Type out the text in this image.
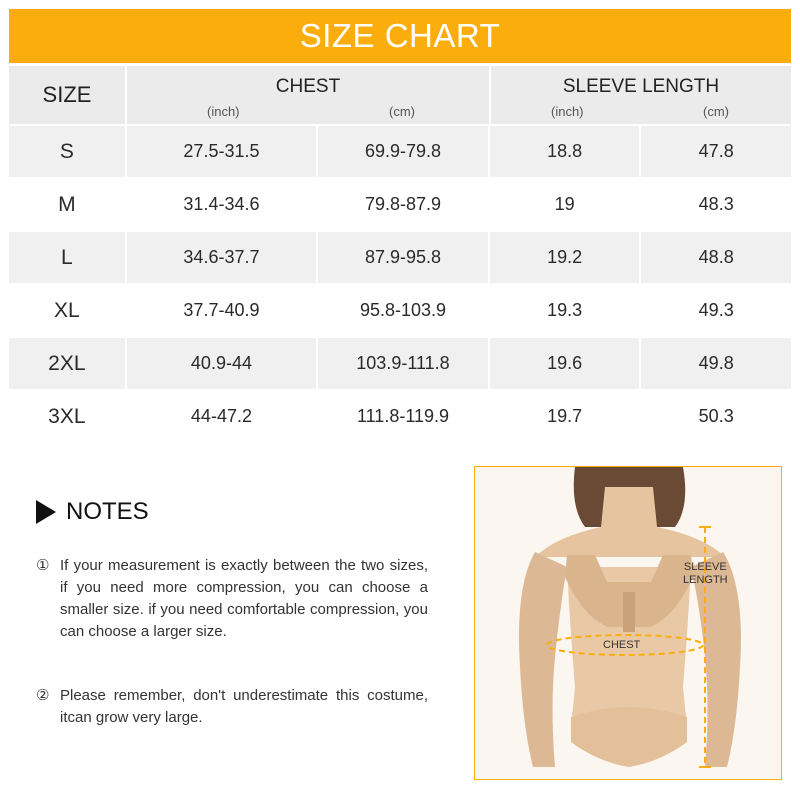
SIZE CHART
SIZE	CHEST
(inch)	(cm)
SLEEVE LENGTH
(inch)	(cm)
S	27.5-31.5	69.9-79.8	18.8	47.8
M	31.4-34.6	79.8-87.9	19	48.3
L	34.6-37.7	87.9-95.8	19.2	48.8
XL	37.7-40.9	95.8-103.9	19.3	49.3
2XL	40.9-44	103.9-111.8	19.6	49.8
3XL	44-47.2	111.8-119.9	19.7	50.3
NOTES
① If your measurement is exactly between the two sizes, if you need more compression, you can choose a smaller size. if you need comfortable compression, you can choose a larger size.
② Please remember, don't underestimate this costume, itcan grow very large.
SLEEVE
LENGTH
CHEST
